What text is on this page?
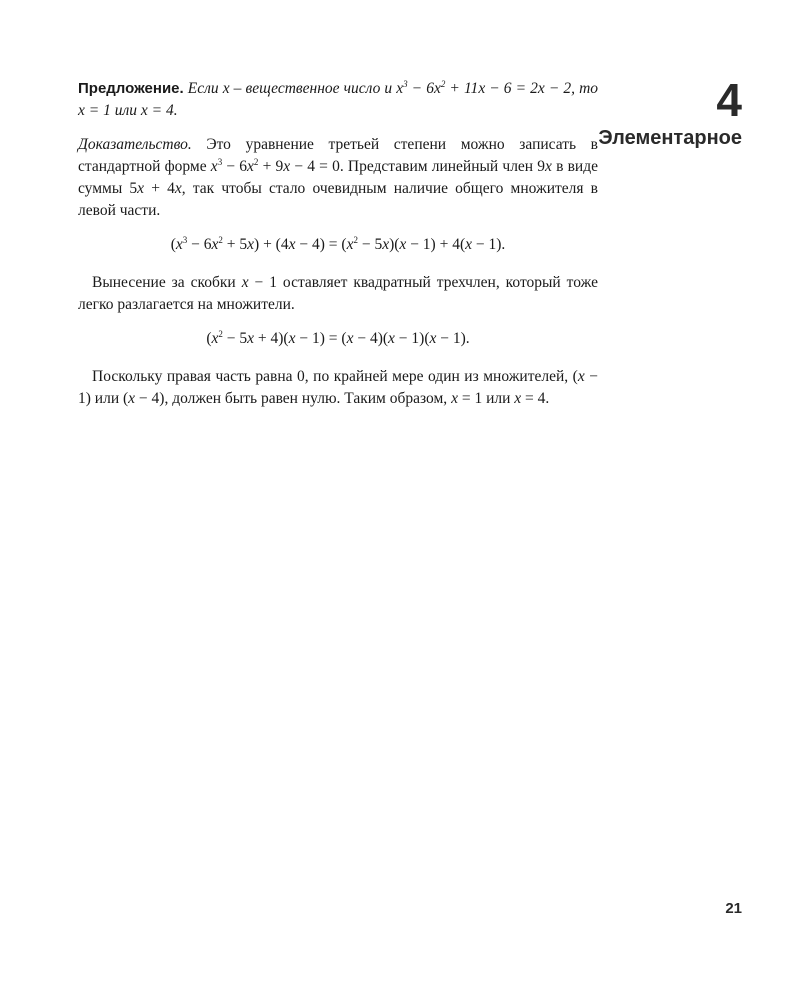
Предложение. Если x – вещественное число и $x^3 - 6x^2 + 11x - 6 = 2x - 2$, то x = 1 или x = 4.

Доказательство. Это уравнение третьей степени можно записать в стандартной форме $x^3 - 6x^2 + 9x - 4 = 0$. Представим линейный член 9x в виде суммы 5x + 4x, так чтобы стало очевидным наличие общего множителя в левой части.

$(x^3 - 6x^2 + 5x) + (4x - 4) = (x^2 - 5x)(x - 1) + 4(x - 1)$.

Вынесение за скобки x − 1 оставляет квадратный трехчлен, который тоже легко разлагается на множители.

$(x^2 - 5x + 4)(x - 1) = (x - 4)(x - 1)(x - 1)$.

Поскольку правая часть равна 0, по крайней мере один из множителей, (x − 1) или (x − 4), должен быть равен нулю. Таким образом, x = 1 или x = 4.

4
Элементарное
21
